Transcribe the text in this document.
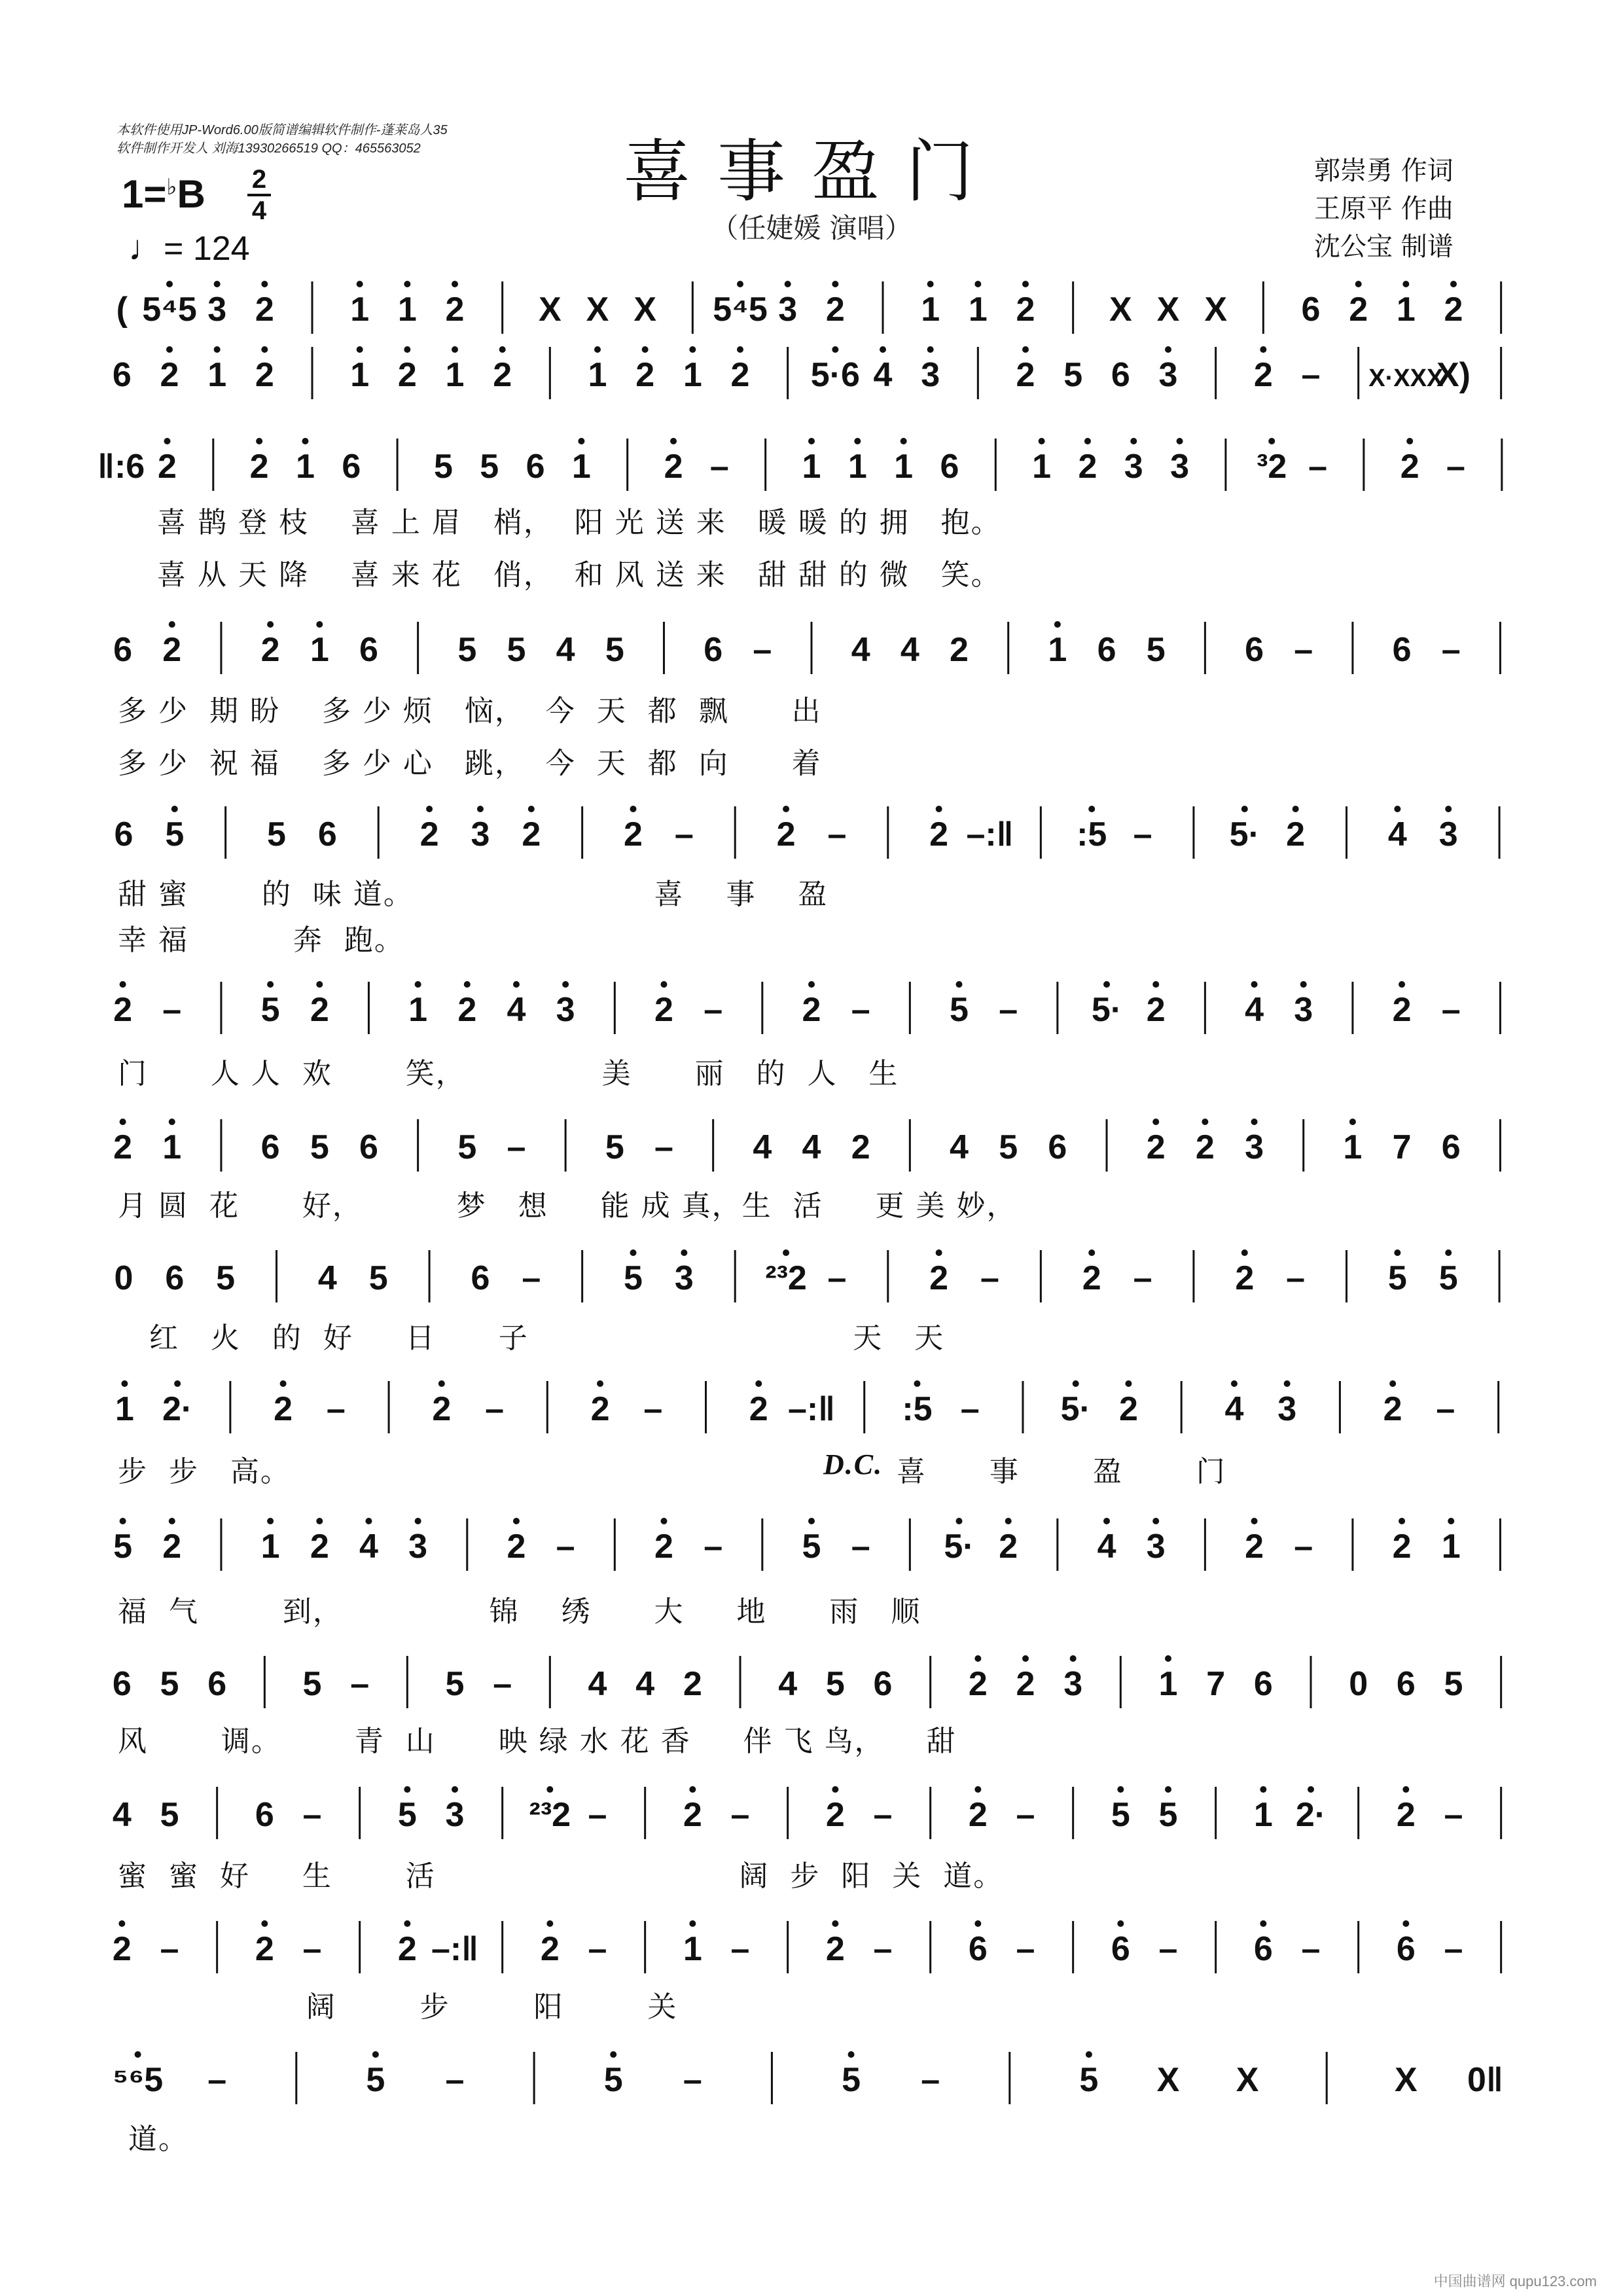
本软件使用JP-Word6.00版简谱编辑软件制作-蓬莱岛人35
软件制作开发人 刘海13930266519 QQ：465563052	喜事盈门
（任婕媛 演唱）
郭崇勇 作词
王原平 作曲
沈公宝 制谱
1=♭B 2
4
♩= 124
( 5⁴5 3 2 1 1 2 X X X 5⁴5 3 2 1 1 2 X X X 6 2 1 2
6 2 1 2 1 2 1 2 1 2 1 2 5·6 4 3 2 5 6 3 2 – X·XXX
X)
‖:6 2 2 1 6 5 5 6 1 2 – 1 1 1 6 1 2 3 3 ³2 – 2 –
6 2 2 1 6 5 5 4 5 6 – 4 4 2 1 6 5 6 – 6 –
6 5 5 6 2 3 2 2 – 2 – 2 –:‖ :5 – 5· 2 4 3
2 – 5 2 1 2 4 3 2 – 2 – 5 – 5· 2 4 3 2 –
2 1 6 5 6 5 – 5 – 4 4 2 4 5 6 2 2 3 1 7 6
0 6 5 4 5 6 – 5 3 ²³2 – 2 – 2 – 2 – 5 5
1 2· 2 –	2 –	2 –	2 –:‖ :5 – 5· 2	4 3	2 –
5 2 1 2 4 3 2 – 2 – 5 – 5· 2 4 3 2 – 2 1
6 5 6 5 – 5 – 4 4 2 4 5 6 2 2 3 1 7 6 0 6 5
4 5 6 – 5 3 ²³2 – 2 – 2 – 2 – 5 5 1 2· 2 –
2 – 2 – 2 –:‖ 2 – 1 – 2 – 6 – 6 – 6 – 6 –
⁵⁶5 –	5 –	5 –	5 –	5 X X	X 0‖
喜 鹊 登 枝    喜 上 眉   梢，  阳 光 送 来   暖 暖 的 拥   抱。
喜 从 天 降    喜 来 花   俏，  和 风 送 来   甜 甜 的 微   笑。
多 少  期 盼    多 少 烦   恼，  今  天  都  飘      出
多 少  祝 福    多 少 心   跳，  今  天  都  向      着
甜 蜜       的  味 道。                       喜    事    盈
幸 福          奔  跑。
门      人 人  欢       笑，             美      丽   的  人   生
月 圆  花      好，         梦   想     能 成 真，生  活     更 美 妙，
红   火   的  好     日      子                               天   天
步  步   高。	D.C. 喜      事       盈       门
福  气        到，              锦    绣      大     地      雨   顺
风       调。       青  山      映 绿 水 花 香     伴 飞 鸟，    甜
蜜  蜜  好     生       活                             阔  步  阳  关  道。
阔        步        阳        关
道。
中国曲谱网 qupu123.com
